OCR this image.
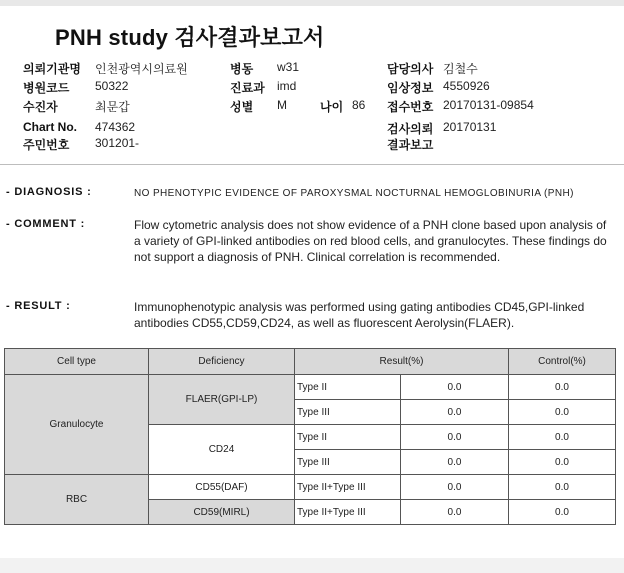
PNH study 검사결과보고서
의뢰기관명 인천광역시의료원
병원코드 50322
수진자	최문갑
Chart No. 474362
주민번호 301201-
병동 w31
진료과 imd
성별 M	나이 86
담당의사 김철수
임상정보 4550926
접수번호 20170131-09854
검사의뢰 20170131
결과보고
- DIAGNOSIS :	NO PHENOTYPIC EVIDENCE OF PAROXYSMAL NOCTURNAL HEMOGLOBINURIA (PNH)
- COMMENT :	Flow cytometric analysis does not show evidence of a PNH clone based upon analysis of a variety of GPI-linked antibodies on red blood cells, and granulocytes. These findings do not support a diagnosis of PNH. Clinical correlation is recommended.
- RESULT :	Immunophenotypic analysis was performed using gating antibodies CD45,GPI-linked antibodies CD55,CD59,CD24, as well as fluorescent Aerolysin(FLAER).
Cell type	Deficiency	Result(%)		Control(%)
Granulocyte	FLAER(GPI-LP)	Type II	0.0	0.0
		Type III	0.0	0.0
	CD24	Type II	0.0	0.0
		Type III	0.0	0.0
RBC	CD55(DAF)	Type II+Type III	0.0	0.0
	CD59(MIRL)	Type II+Type III	0.0	0.0
